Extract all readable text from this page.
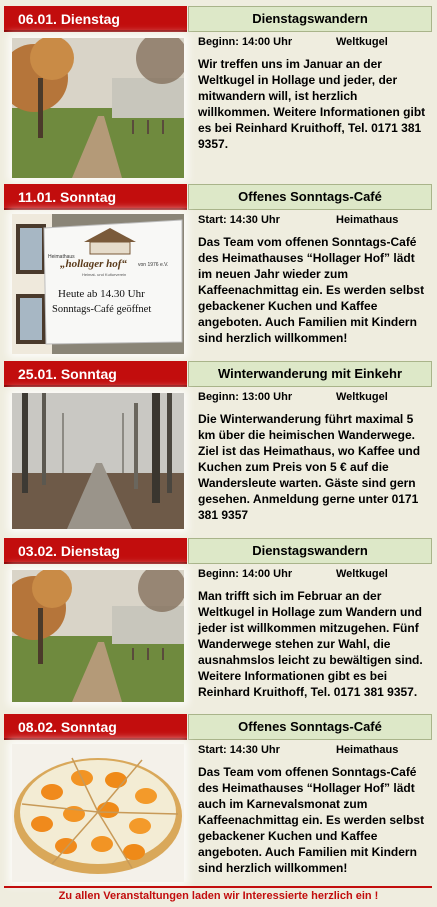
06.01. Dienstag	Dienstagswandern
Beginn: 14:00 Uhr	Weltkugel
Wir treffen uns im Januar an der Weltkugel in Hollage und jeder, der mitwandern will, ist herzlich willkommen. Weitere Informationen gibt es bei Reinhard Kruithoff, Tel. 0171 381 9357.
11.01. Sonntag	Offenes Sonntags-Café
Start: 14:30 Uhr	Heimathaus
Das Team vom offenen Sonntags-Café des Heimathauses “Hollager Hof” lädt im neuen Jahr wieder zum Kaffeenachmittag ein. Es werden selbst gebackener Kuchen und Kaffee angeboten. Auch Familien mit Kindern sind herzlich willkommen!
Heimathaus
„hollager hof“ von 1976 e.V.
Heimat- und Kulturverein
Heute ab 14.30 Uhr
Sonntags-Café geöffnet
25.01. Sonntag	Winterwanderung mit Einkehr
Beginn: 13:00 Uhr	Weltkugel
Die Winterwanderung führt maximal 5 km über die heimischen Wanderwege. Ziel ist das Heimathaus, wo Kaffee und Kuchen zum Preis von 5 € auf die Wandersleute warten. Gäste sind gern gesehen. Anmeldung gerne unter 0171 381 9357
03.02. Dienstag	Dienstagswandern
Beginn: 14:00 Uhr	Weltkugel
Man trifft sich im Februar an der Weltkugel in Hollage zum Wandern und jeder ist willkommen mitzugehen. Fünf Wanderwege stehen zur Wahl, die ausnahmslos leicht zu bewältigen sind. Weitere Informationen gibt es bei Reinhard Kruithoff, Tel. 0171 381 9357.
08.02. Sonntag	Offenes Sonntags-Café
Start: 14:30 Uhr	Heimathaus
Das Team vom offenen Sonntags-Café des Heimathauses “Hollager Hof” lädt auch im Karnevalsmonat zum Kaffeenachmittag ein. Es werden selbst gebackener Kuchen und Kaffee angeboten. Auch Familien mit Kindern sind herzlich willkommen!
Zu allen Veranstaltungen laden wir Interessierte herzlich ein !
